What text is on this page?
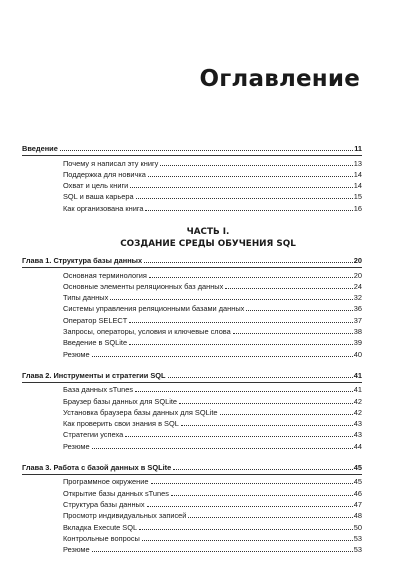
Оглавление
Введение	11
Почему я написал эту книгу	13
Поддержка для новичка	14
Охват и цель книги	14
SQL и ваша карьера	15
Как организована книга	16
ЧАСТЬ I.
СОЗДАНИЕ СРЕДЫ ОБУЧЕНИЯ SQL
Глава 1. Структура базы данных	20
Основная терминология	20
Основные элементы реляционных баз данных	24
Типы данных	32
Системы управления реляционными базами данных	36
Оператор SELECT	37
Запросы, операторы, условия и ключевые слова	38
Введение в SQLite	39
Резюме	40
Глава 2. Инструменты и стратегии SQL	41
База данных sTunes	41
Браузер базы данных для SQLite	42
Установка браузера базы данных для SQLite	42
Как проверить свои знания в SQL	43
Стратегии успеха	43
Резюме	44
Глава 3. Работа с базой данных в SQLite	45
Программное окружение	45
Открытие базы данных sTunes	46
Структура базы данных	47
Просмотр индивидуальных записей	48
Вкладка Execute SQL	50
Контрольные вопросы	53
Резюме	53
